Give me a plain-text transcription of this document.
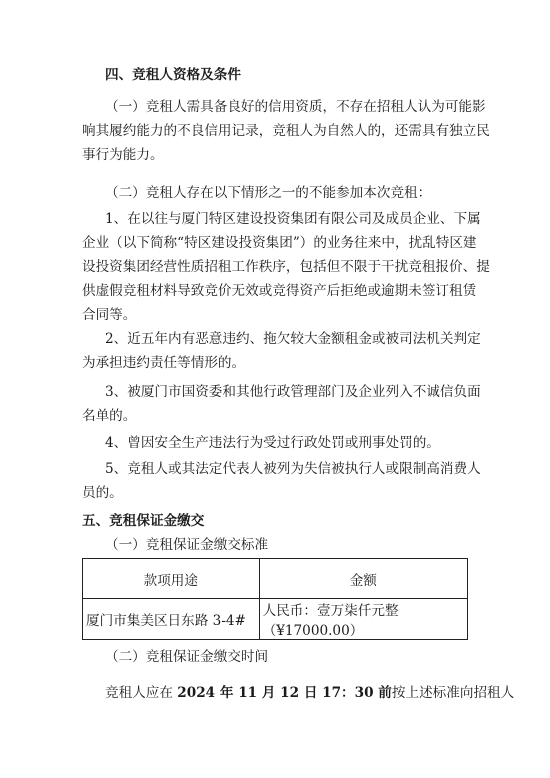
四、竞租人资格及条件
（一）竞租人需具备良好的信用资质，不存在招租人认为可能影
响其履约能力的不良信用记录，竞租人为自然人的，还需具有独立民
事行为能力。
（二）竞租人存在以下情形之一的不能参加本次竞租：
1、在以往与厦门特区建设投资集团有限公司及成员企业、下属
企业（以下简称“特区建设投资集团”）的业务往来中，扰乱特区建
设投资集团经营性质招租工作秩序，包括但不限于干扰竞租报价、提
供虚假竞租材料导致竞价无效或竞得资产后拒绝或逾期未签订租赁
合同等。
2、近五年内有恶意违约、拖欠较大金额租金或被司法机关判定
为承担违约责任等情形的。
3、被厦门市国资委和其他行政管理部门及企业列入不诚信负面
名单的。
4、曾因安全生产违法行为受过行政处罚或刑事处罚的。
5、竞租人或其法定代表人被列为失信被执行人或限制高消费人
员的。
五、竞租保证金缴交
（一）竞租保证金缴交标准
款项用途	金额
厦门市集美区日东路 3-4#	人民币：壹万柒仟元整（¥17000.00）
（二）竞租保证金缴交时间
竞租人应在 2024 年 11 月 12 日 17：30 前按上述标准向招租人
